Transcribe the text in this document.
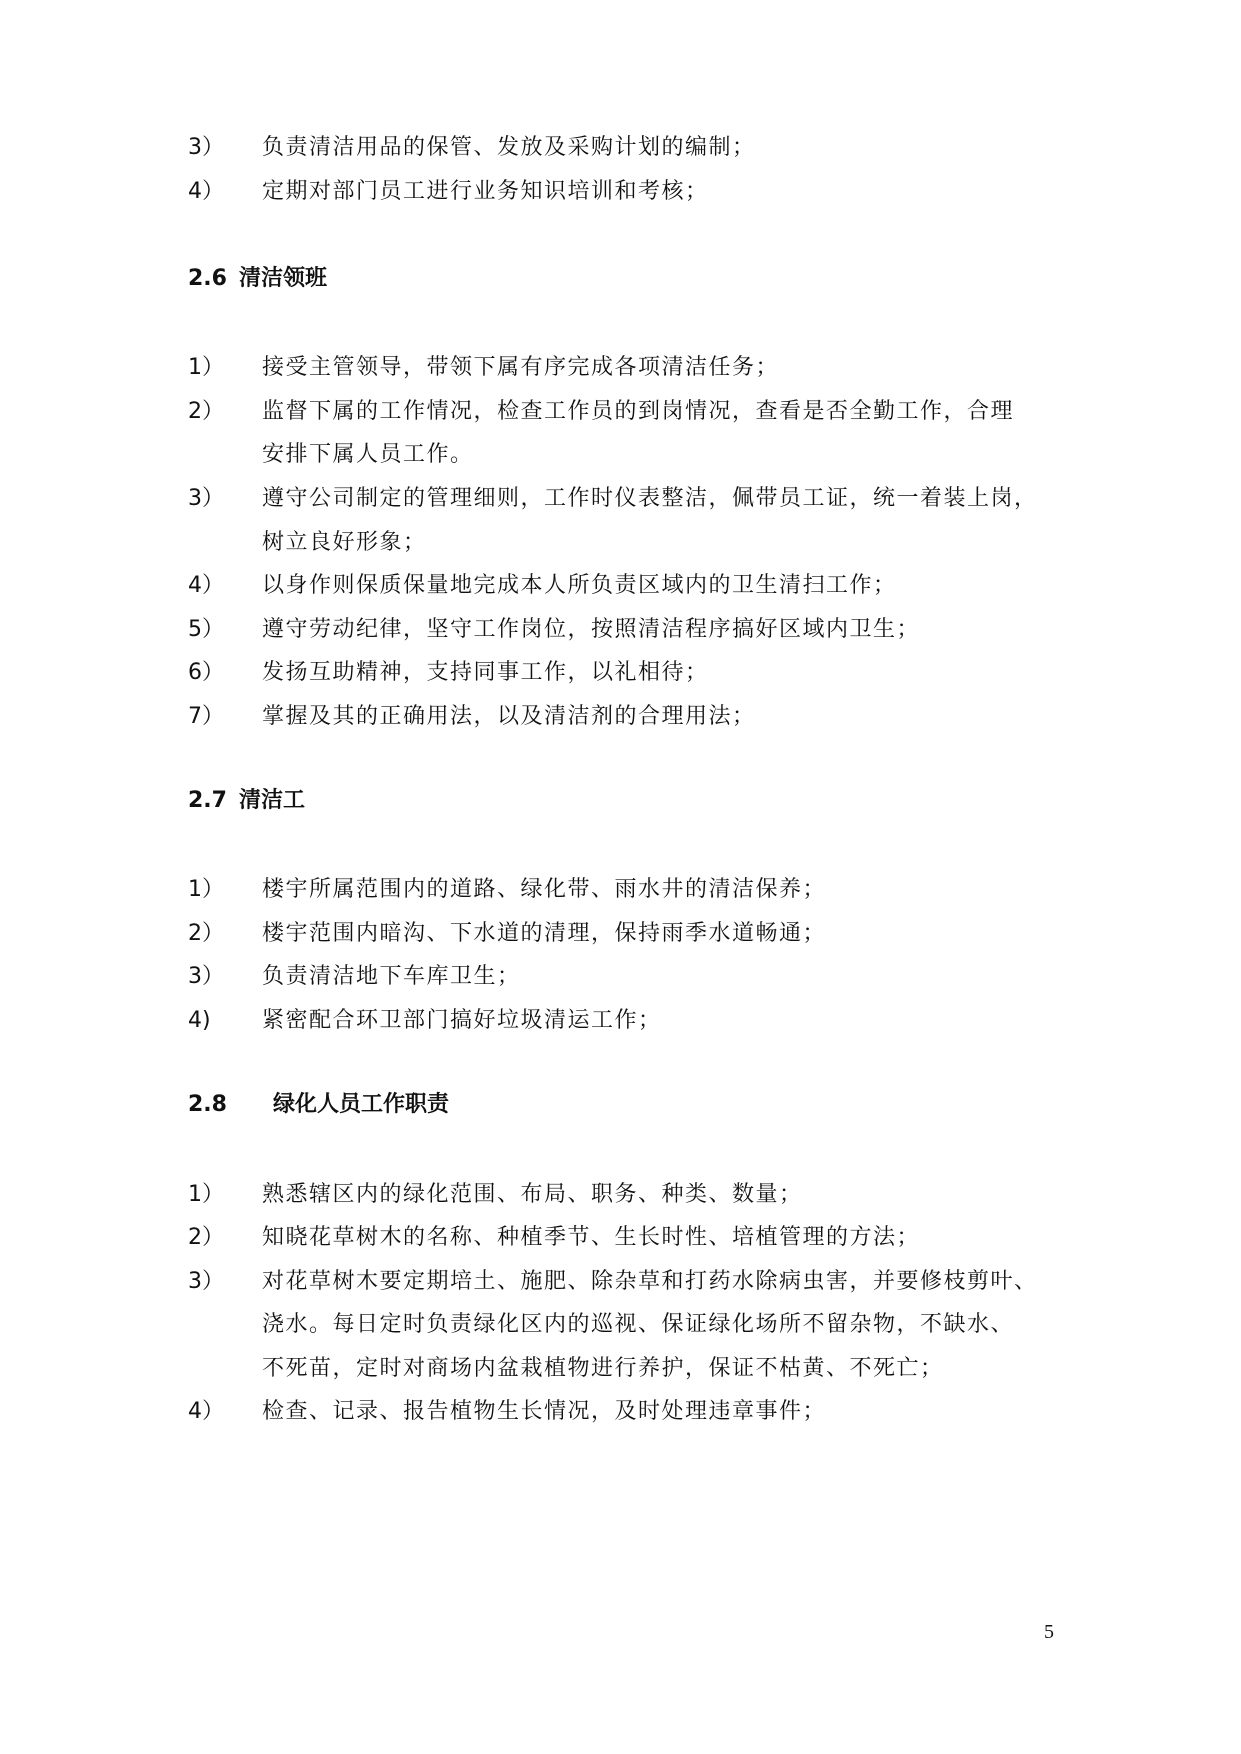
3） 负责清洁用品的保管、发放及采购计划的编制；
4） 定期对部门员工进行业务知识培训和考核；
2.6 清洁领班
1） 接受主管领导，带领下属有序完成各项清洁任务；
2） 监督下属的工作情况，检查工作员的到岗情况，查看是否全勤工作，合理
安排下属人员工作。
3） 遵守公司制定的管理细则，工作时仪表整洁，佩带员工证，统一着装上岗，
树立良好形象；
4） 以身作则保质保量地完成本人所负责区域内的卫生清扫工作；
5） 遵守劳动纪律，坚守工作岗位，按照清洁程序搞好区域内卫生；
6） 发扬互助精神，支持同事工作，以礼相待；
7） 掌握及其的正确用法，以及清洁剂的合理用法；
2.7 清洁工
1） 楼宇所属范围内的道路、绿化带、雨水井的清洁保养；
2） 楼宇范围内暗沟、下水道的清理，保持雨季水道畅通；
3） 负责清洁地下车库卫生；
4) 紧密配合环卫部门搞好垃圾清运工作；
2.8 绿化人员工作职责
1） 熟悉辖区内的绿化范围、布局、职务、种类、数量；
2） 知晓花草树木的名称、种植季节、生长时性、培植管理的方法；
3） 对花草树木要定期培土、施肥、除杂草和打药水除病虫害，并要修枝剪叶、
浇水。每日定时负责绿化区内的巡视、保证绿化场所不留杂物，不缺水、
不死苗，定时对商场内盆栽植物进行养护，保证不枯黄、不死亡；
4） 检查、记录、报告植物生长情况，及时处理违章事件；
5
